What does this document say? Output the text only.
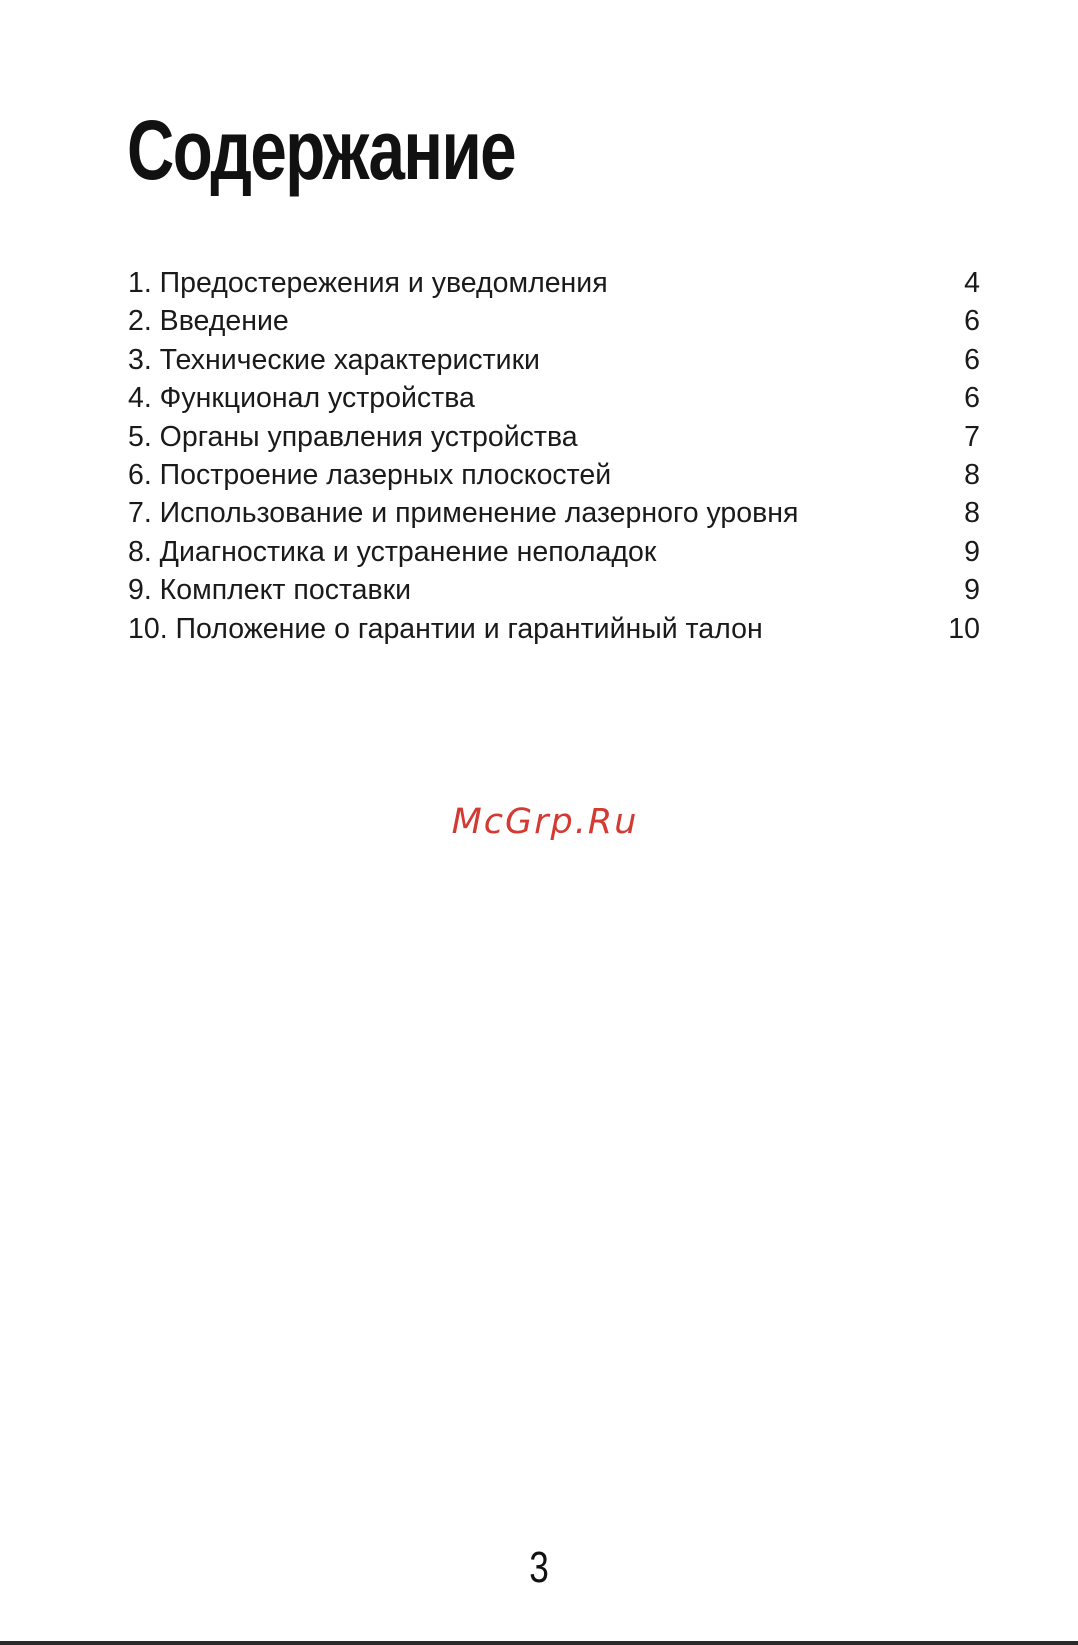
Содержание
1. Предостережения и уведомления	4
2. Введение	6
3. Технические характеристики	6
4. Функционал устройства	6
5. Органы управления устройства	7
6. Построение лазерных плоскостей	8
7. Использование и применение лазерного уровня	8
8. Диагностика и устранение неполадок	9
9. Комплект поставки	9
10. Положение о гарантии и гарантийный талон	10
McGrp.Ru
3
